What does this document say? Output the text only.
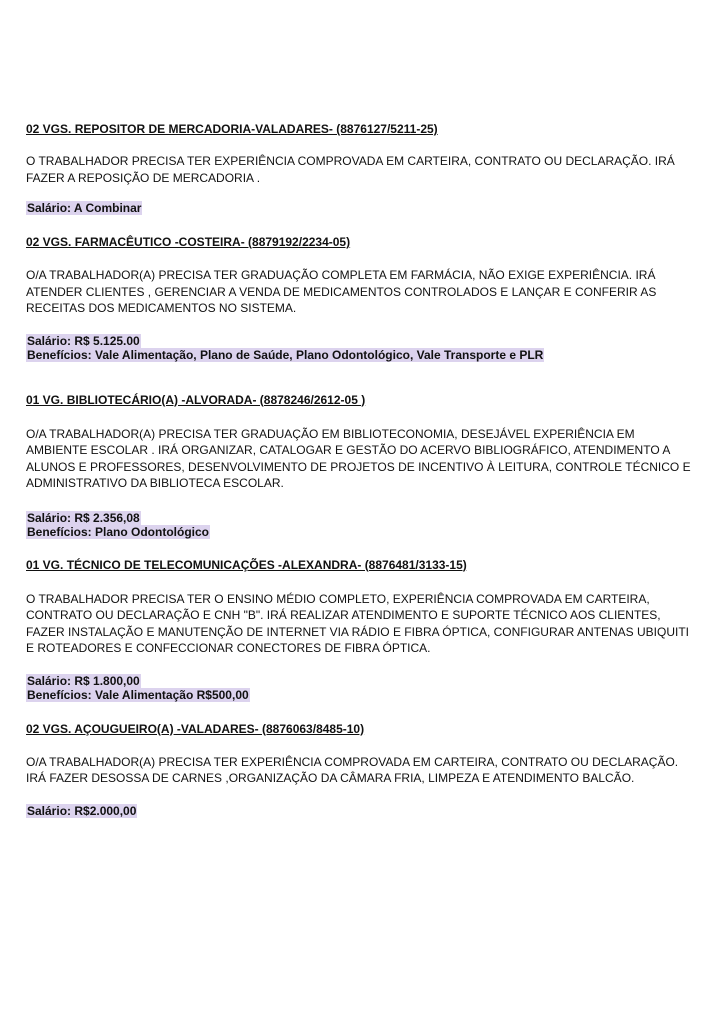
02 VGS. REPOSITOR DE MERCADORIA-VALADARES- (8876127/5211-25)

O TRABALHADOR PRECISA TER EXPERIÊNCIA COMPROVADA EM CARTEIRA, CONTRATO OU DECLARAÇÃO. IRÁ FAZER A REPOSIÇÃO DE MERCADORIA .

Salário: A Combinar

02 VGS. FARMACÊUTICO -COSTEIRA- (8879192/2234-05)

O/A TRABALHADOR(A) PRECISA TER GRADUAÇÃO COMPLETA EM FARMÁCIA, NÃO EXIGE EXPERIÊNCIA. IRÁ ATENDER CLIENTES , GERENCIAR A VENDA DE MEDICAMENTOS CONTROLADOS E LANÇAR E CONFERIR AS RECEITAS DOS MEDICAMENTOS NO SISTEMA.

Salário: R$ 5.125.00
Benefícios: Vale Alimentação, Plano de Saúde, Plano Odontológico, Vale Transporte e PLR

01 VG. BIBLIOTECÁRIO(A) -ALVORADA- (8878246/2612-05 )

O/A TRABALHADOR(A) PRECISA TER GRADUAÇÃO EM BIBLIOTECONOMIA, DESEJÁVEL EXPERIÊNCIA EM AMBIENTE ESCOLAR . IRÁ ORGANIZAR, CATALOGAR E GESTÃO DO ACERVO BIBLIOGRÁFICO, ATENDIMENTO A ALUNOS E PROFESSORES, DESENVOLVIMENTO DE PROJETOS DE INCENTIVO À LEITURA, CONTROLE TÉCNICO E ADMINISTRATIVO DA BIBLIOTECA ESCOLAR.

Salário: R$ 2.356,08
Benefícios: Plano Odontológico

01 VG. TÉCNICO DE TELECOMUNICAÇÕES -ALEXANDRA- (8876481/3133-15)

O TRABALHADOR PRECISA TER O ENSINO MÉDIO COMPLETO, EXPERIÊNCIA COMPROVADA EM CARTEIRA, CONTRATO OU DECLARAÇÃO E CNH "B". IRÁ REALIZAR ATENDIMENTO E SUPORTE TÉCNICO AOS CLIENTES, FAZER INSTALAÇÃO E MANUTENÇÃO DE INTERNET VIA RÁDIO E FIBRA ÓPTICA, CONFIGURAR ANTENAS UBIQUITI E ROTEADORES E CONFECCIONAR CONECTORES DE FIBRA ÓPTICA.

Salário: R$ 1.800,00
Benefícios: Vale Alimentação R$500,00

02 VGS. AÇOUGUEIRO(A) -VALADARES- (8876063/8485-10)

O/A TRABALHADOR(A) PRECISA TER EXPERIÊNCIA COMPROVADA EM CARTEIRA, CONTRATO OU DECLARAÇÃO. IRÁ FAZER DESOSSA DE CARNES ,ORGANIZAÇÃO DA CÂMARA FRIA, LIMPEZA E ATENDIMENTO BALCÃO.

Salário: R$2.000,00
